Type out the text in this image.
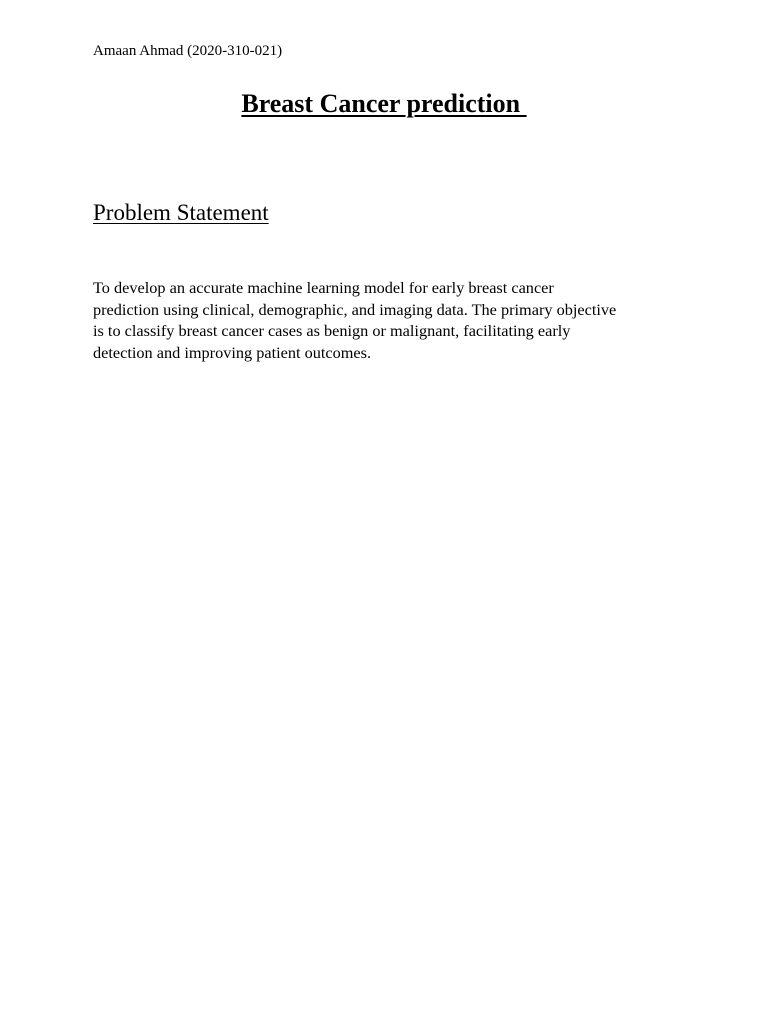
Amaan Ahmad (2020-310-021)
Breast Cancer prediction
Problem Statement

To develop an accurate machine learning model for early breast cancer
prediction using clinical, demographic, and imaging data. The primary objective
is to classify breast cancer cases as benign or malignant, facilitating early
detection and improving patient outcomes.
